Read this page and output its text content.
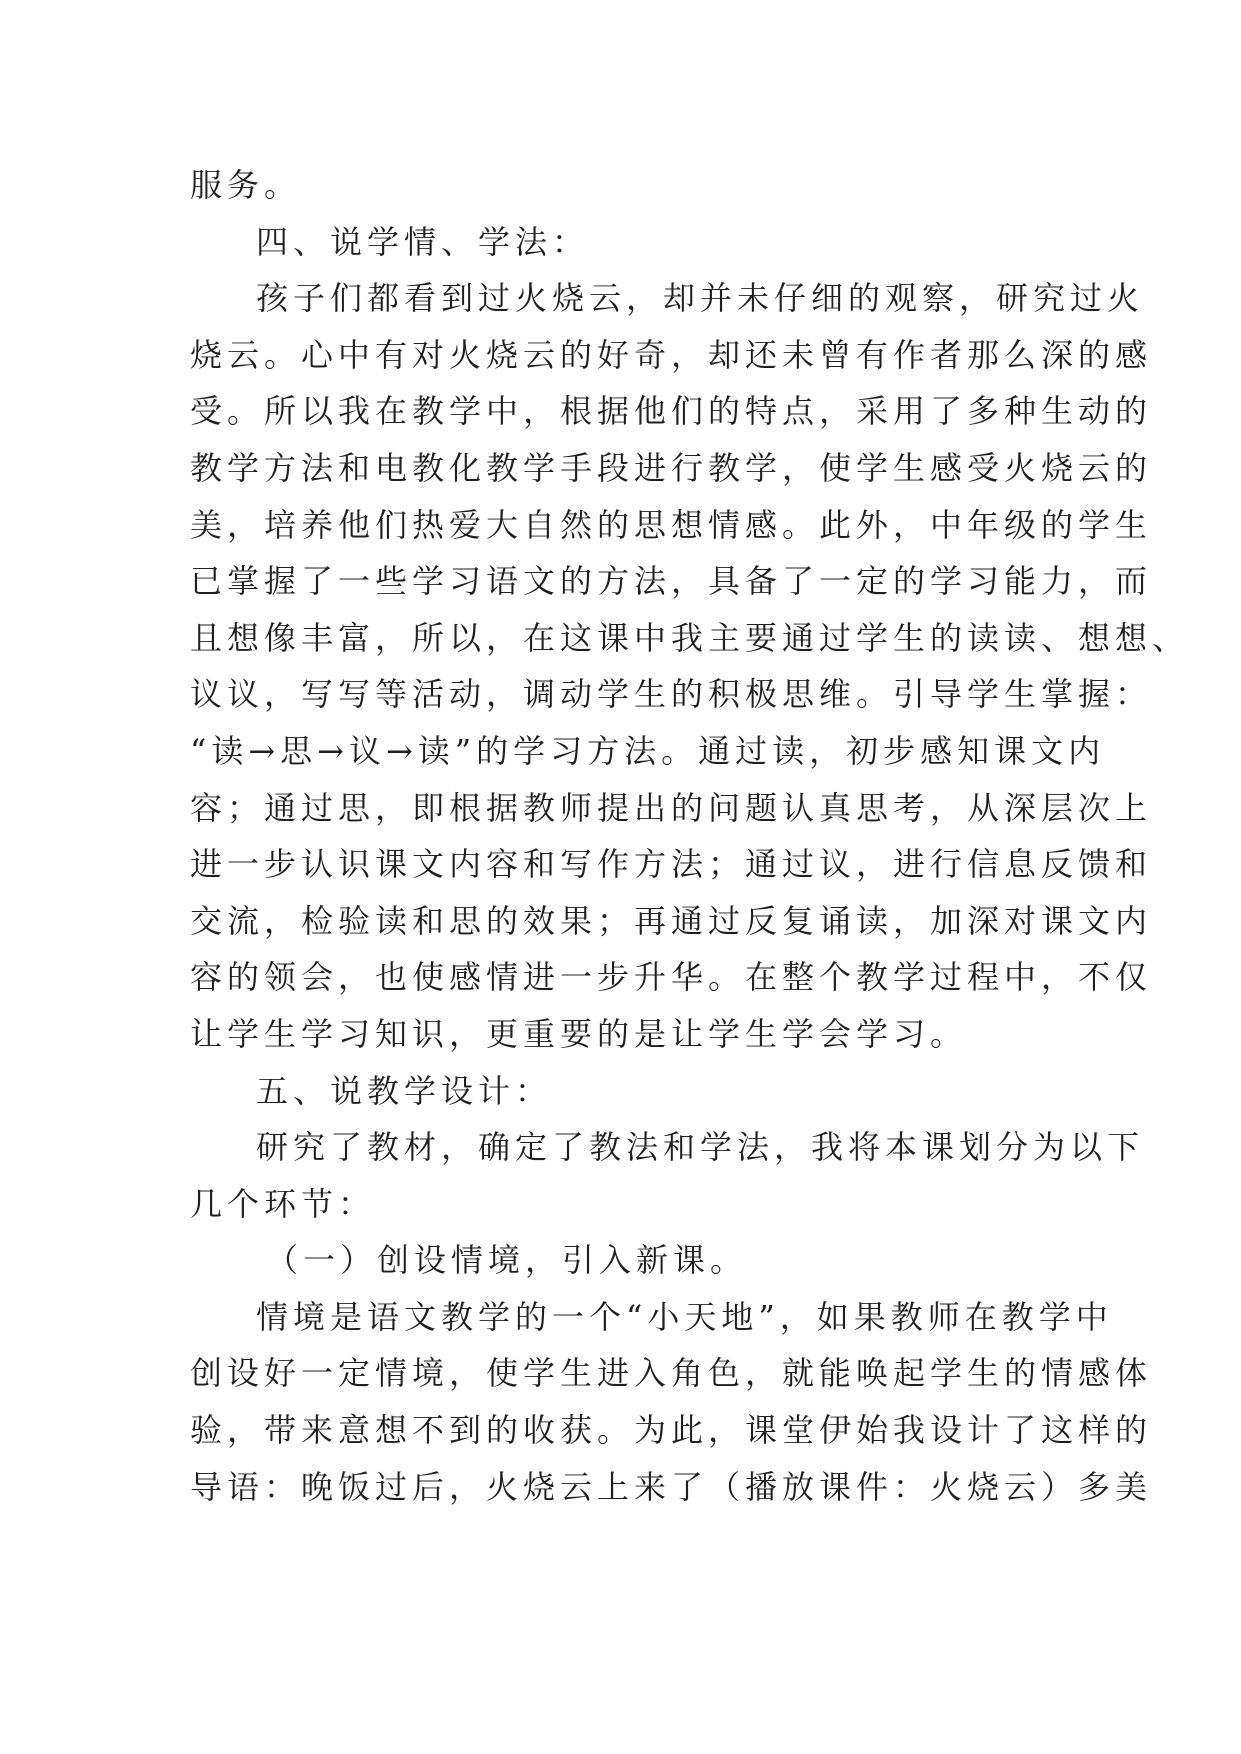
服务。
四、说学情、学法：
孩子们都看到过火烧云，却并未仔细的观察，研究过火
烧云。心中有对火烧云的好奇，却还未曾有作者那么深的感
受。所以我在教学中，根据他们的特点，采用了多种生动的
教学方法和电教化教学手段进行教学，使学生感受火烧云的
美，培养他们热爱大自然的思想情感。此外，中年级的学生
已掌握了一些学习语文的方法，具备了一定的学习能力，而
且想像丰富，所以，在这课中我主要通过学生的读读、想想、
议议，写写等活动，调动学生的积极思维。引导学生掌握：
“读→思→议→读”的学习方法。通过读，初步感知课文内
容；通过思，即根据教师提出的问题认真思考，从深层次上
进一步认识课文内容和写作方法；通过议，进行信息反馈和
交流，检验读和思的效果；再通过反复诵读，加深对课文内
容的领会，也使感情进一步升华。在整个教学过程中，不仅
让学生学习知识，更重要的是让学生学会学习。
五、说教学设计：
研究了教材，确定了教法和学法，我将本课划分为以下
几个环节：
（一）创设情境，引入新课。
情境是语文教学的一个“小天地”，如果教师在教学中
创设好一定情境，使学生进入角色，就能唤起学生的情感体
验，带来意想不到的收获。为此，课堂伊始我设计了这样的
导语：晚饭过后，火烧云上来了（播放课件：火烧云）多美
